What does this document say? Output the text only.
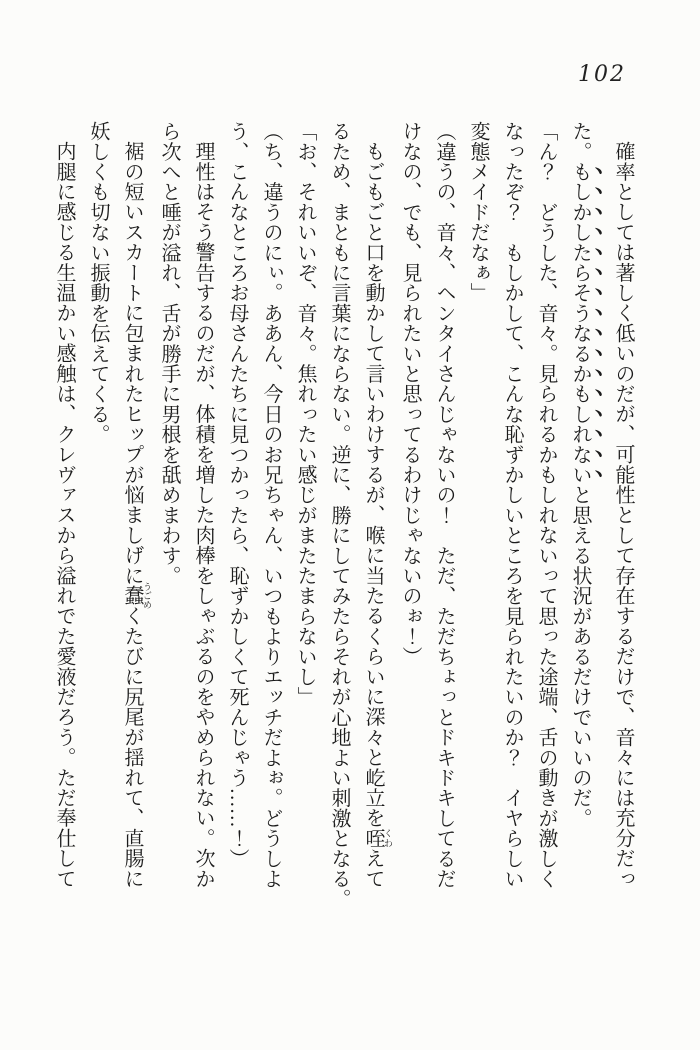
102

確率としては著しく低いのだが、可能性として存在するだけで、音々には充分だっ

た。もしかしたらそうなるかもしれないと思える状況があるだけでいいのだ。

「ん？　どうした、音々。見られるかもしれないって思った途端、舌の動きが激しく

なったぞ？　もしかして、こんな恥ずかしいところを見られたいのか？　イヤらしい

変態メイドだなぁ」

（違うの、音々、ヘンタイさんじゃないの！　ただ、ただちょっとドキドキしてるだ

けなの、でも、見られたいと思ってるわけじゃないのぉ！）

もごもごと口を動かして言いわけするが、喉に当たるくらいに深々と屹立を咥 くわえて

るため、まともに言葉にならない。逆に、勝にしてみたらそれが心地よい刺激となる。

「お、それいいぞ、音々。焦れったい感じがまたたまらないし」

（ち、違うのにぃ。ああん、今日のお兄ちゃん、いつもよりエッチだよぉ。どうしよ

う、こんなところお母さんたちに見つかったら、恥ずかしくて死んじゃう……！）

理性はそう警告するのだが、体積を増した肉棒をしゃぶるのをやめられない。次か

ら次へと唾が溢れ、舌が勝手に男根を舐めまわす。

裾の短いスカートに包まれたヒップが悩ましげに蠢 うごめくたびに尻尾が揺れて、直腸に

妖しくも切ない振動を伝えてくる。

内腿に感じる生温かい感触は、クレヴァスから溢れでた愛液だろう。ただ奉仕して
